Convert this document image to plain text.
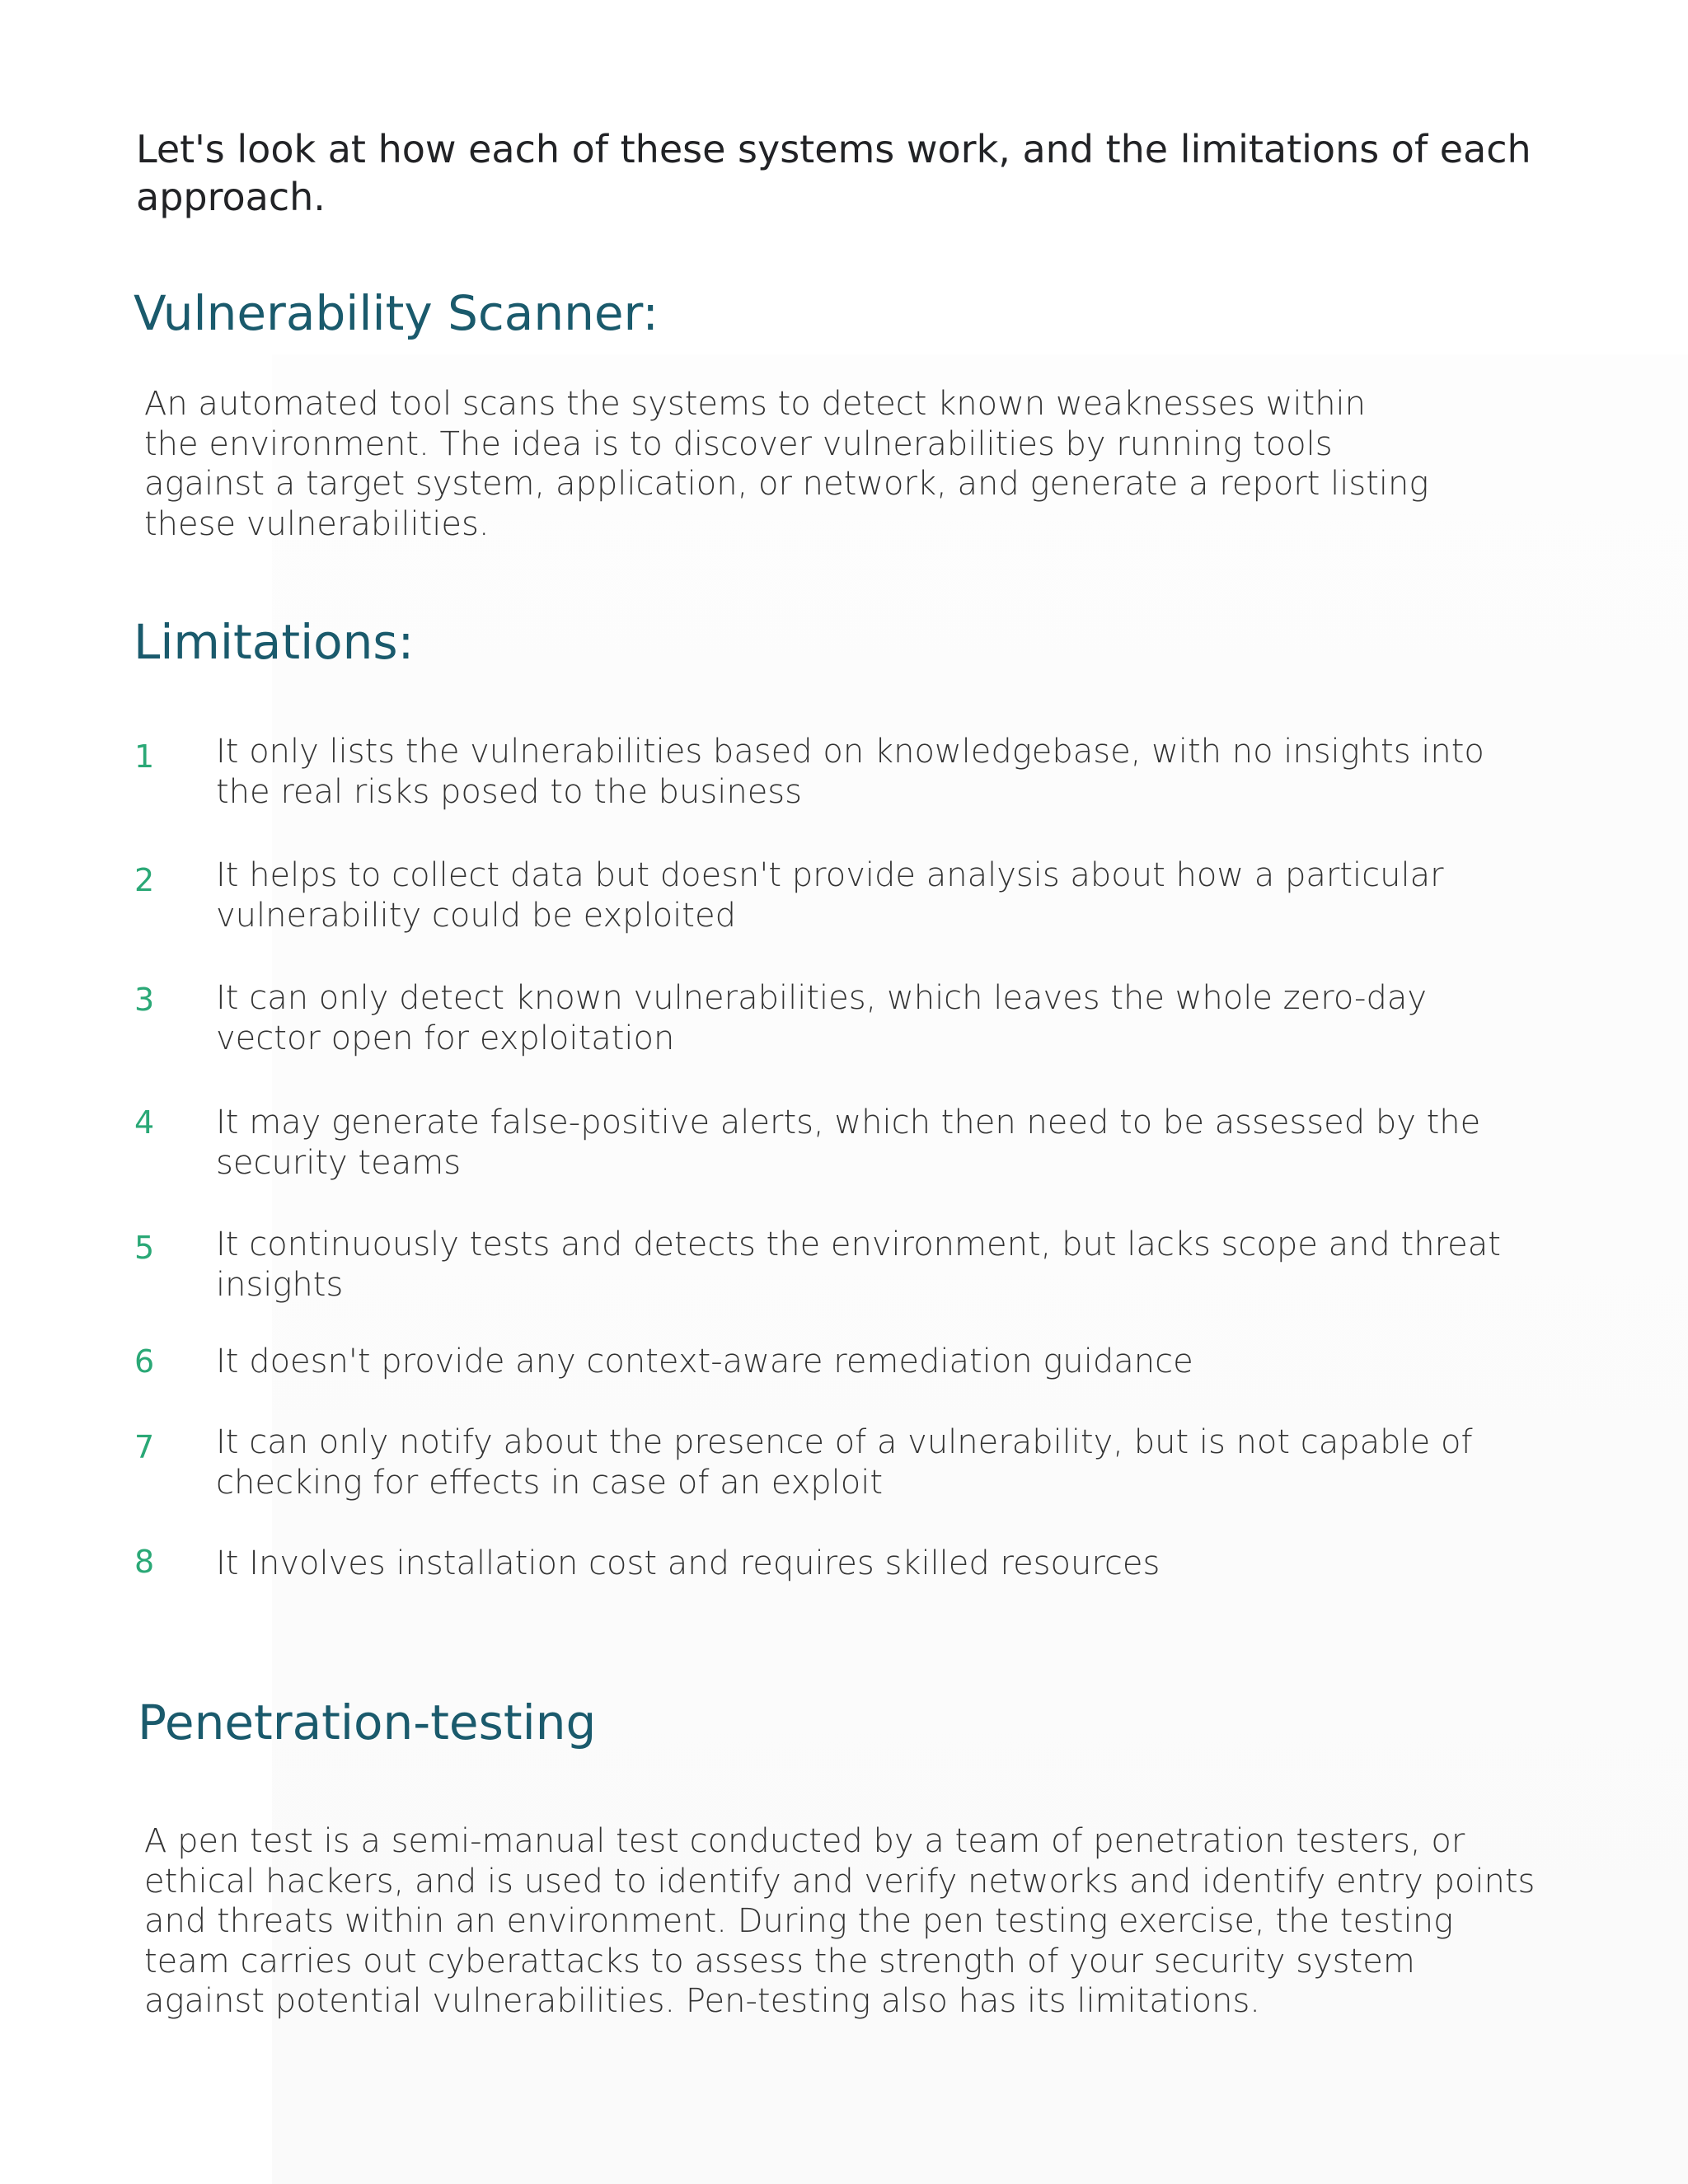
Let's look at how each of these systems work, and the limitations of each approach.

Vulnerability Scanner:

An automated tool scans the systems to detect known weaknesses within the environment. The idea is to discover vulnerabilities by running tools against a target system, application, or network, and generate a report listing these vulnerabilities.

Limitations:
1 It only lists the vulnerabilities based on knowledgebase, with no insights into the real risks posed to the business

2 It helps to collect data but doesn't provide analysis about how a particular vulnerability could be exploited

3 It can only detect known vulnerabilities, which leaves the whole zero-day vector open for exploitation

4 It may generate false-positive alerts, which then need to be assessed by the security teams

5 It continuously tests and detects the environment, but lacks scope and threat insights

6 It doesn't provide any context-aware remediation guidance

7 It can only notify about the presence of a vulnerability, but is not capable of checking for effects in case of an exploit

8 It Involves installation cost and requires skilled resources

Penetration-testing

A pen test is a semi-manual test conducted by a team of penetration testers, or ethical hackers, and is used to identify and verify networks and identify entry points and threats within an environment. During the pen testing exercise, the testing team carries out cyberattacks to assess the strength of your security system against potential vulnerabilities. Pen-testing also has its limitations.
